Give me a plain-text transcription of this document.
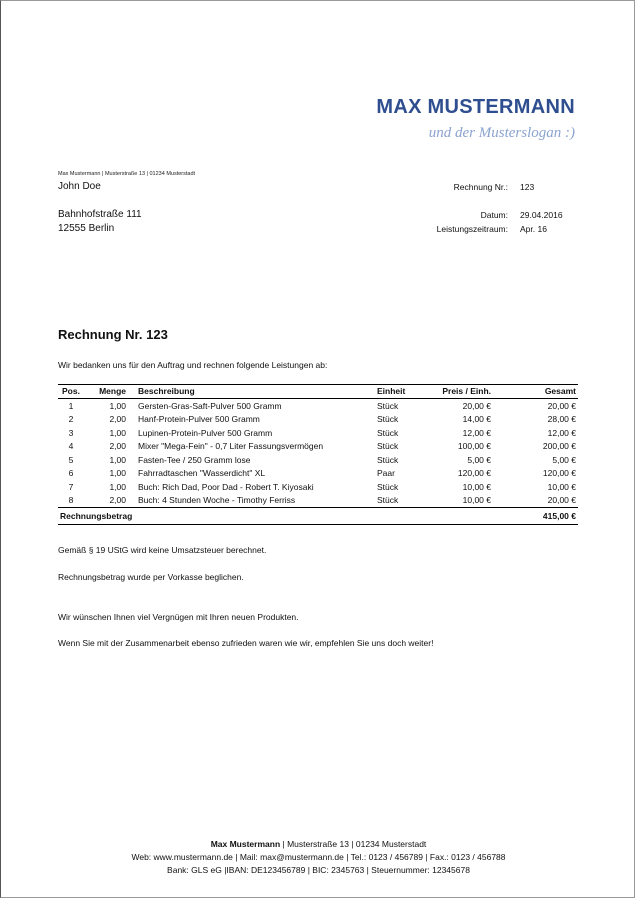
MAX MUSTERMANN
und der Musterslogan :)
Max Mustermann | Musterstraße 13 | 01234 Musterstadt
John Doe
Bahnhofstraße 111
12555 Berlin
Rechnung Nr.: 123
Datum: 29.04.2016
Leistungszeitraum: Apr. 16
Rechnung Nr. 123
Wir bedanken uns für den Auftrag und rechnen folgende Leistungen ab:
Pos.	Menge	Beschreibung	Einheit	Preis / Einh.	Gesamt
1	1,00	Gersten-Gras-Saft-Pulver 500 Gramm	Stück	20,00 €	20,00 €
2	2,00	Hanf-Protein-Pulver 500 Gramm	Stück	14,00 €	28,00 €
3	1,00	Lupinen-Protein-Pulver 500 Gramm	Stück	12,00 €	12,00 €
4	2,00	Mixer "Mega-Fein" - 0,7 Liter Fassungsvermögen	Stück	100,00 €	200,00 €
5	1,00	Fasten-Tee / 250 Gramm lose	Stück	5,00 €	5,00 €
6	1,00	Fahrradtaschen "Wasserdicht" XL	Paar	120,00 €	120,00 €
7	1,00	Buch: Rich Dad, Poor Dad - Robert T. Kiyosaki	Stück	10,00 €	10,00 €
8	2,00	Buch: 4 Stunden Woche - Timothy Ferriss	Stück	10,00 €	20,00 €
Rechnungsbetrag					415,00 €
Gemäß § 19 UStG wird keine Umsatzsteuer berechnet.
Rechnungsbetrag wurde per Vorkasse beglichen.
Wir wünschen Ihnen viel Vergnügen mit Ihren neuen Produkten.
Wenn Sie mit der Zusammenarbeit ebenso zufrieden waren wie wir, empfehlen Sie uns doch weiter!
Max Mustermann | Musterstraße 13 | 01234 Musterstadt
Web: www.mustermann.de | Mail: max@mustermann.de | Tel.: 0123 / 456789 | Fax.: 0123 / 456788
Bank: GLS eG |IBAN: DE123456789 | BIC: 2345763 | Steuernummer: 12345678
